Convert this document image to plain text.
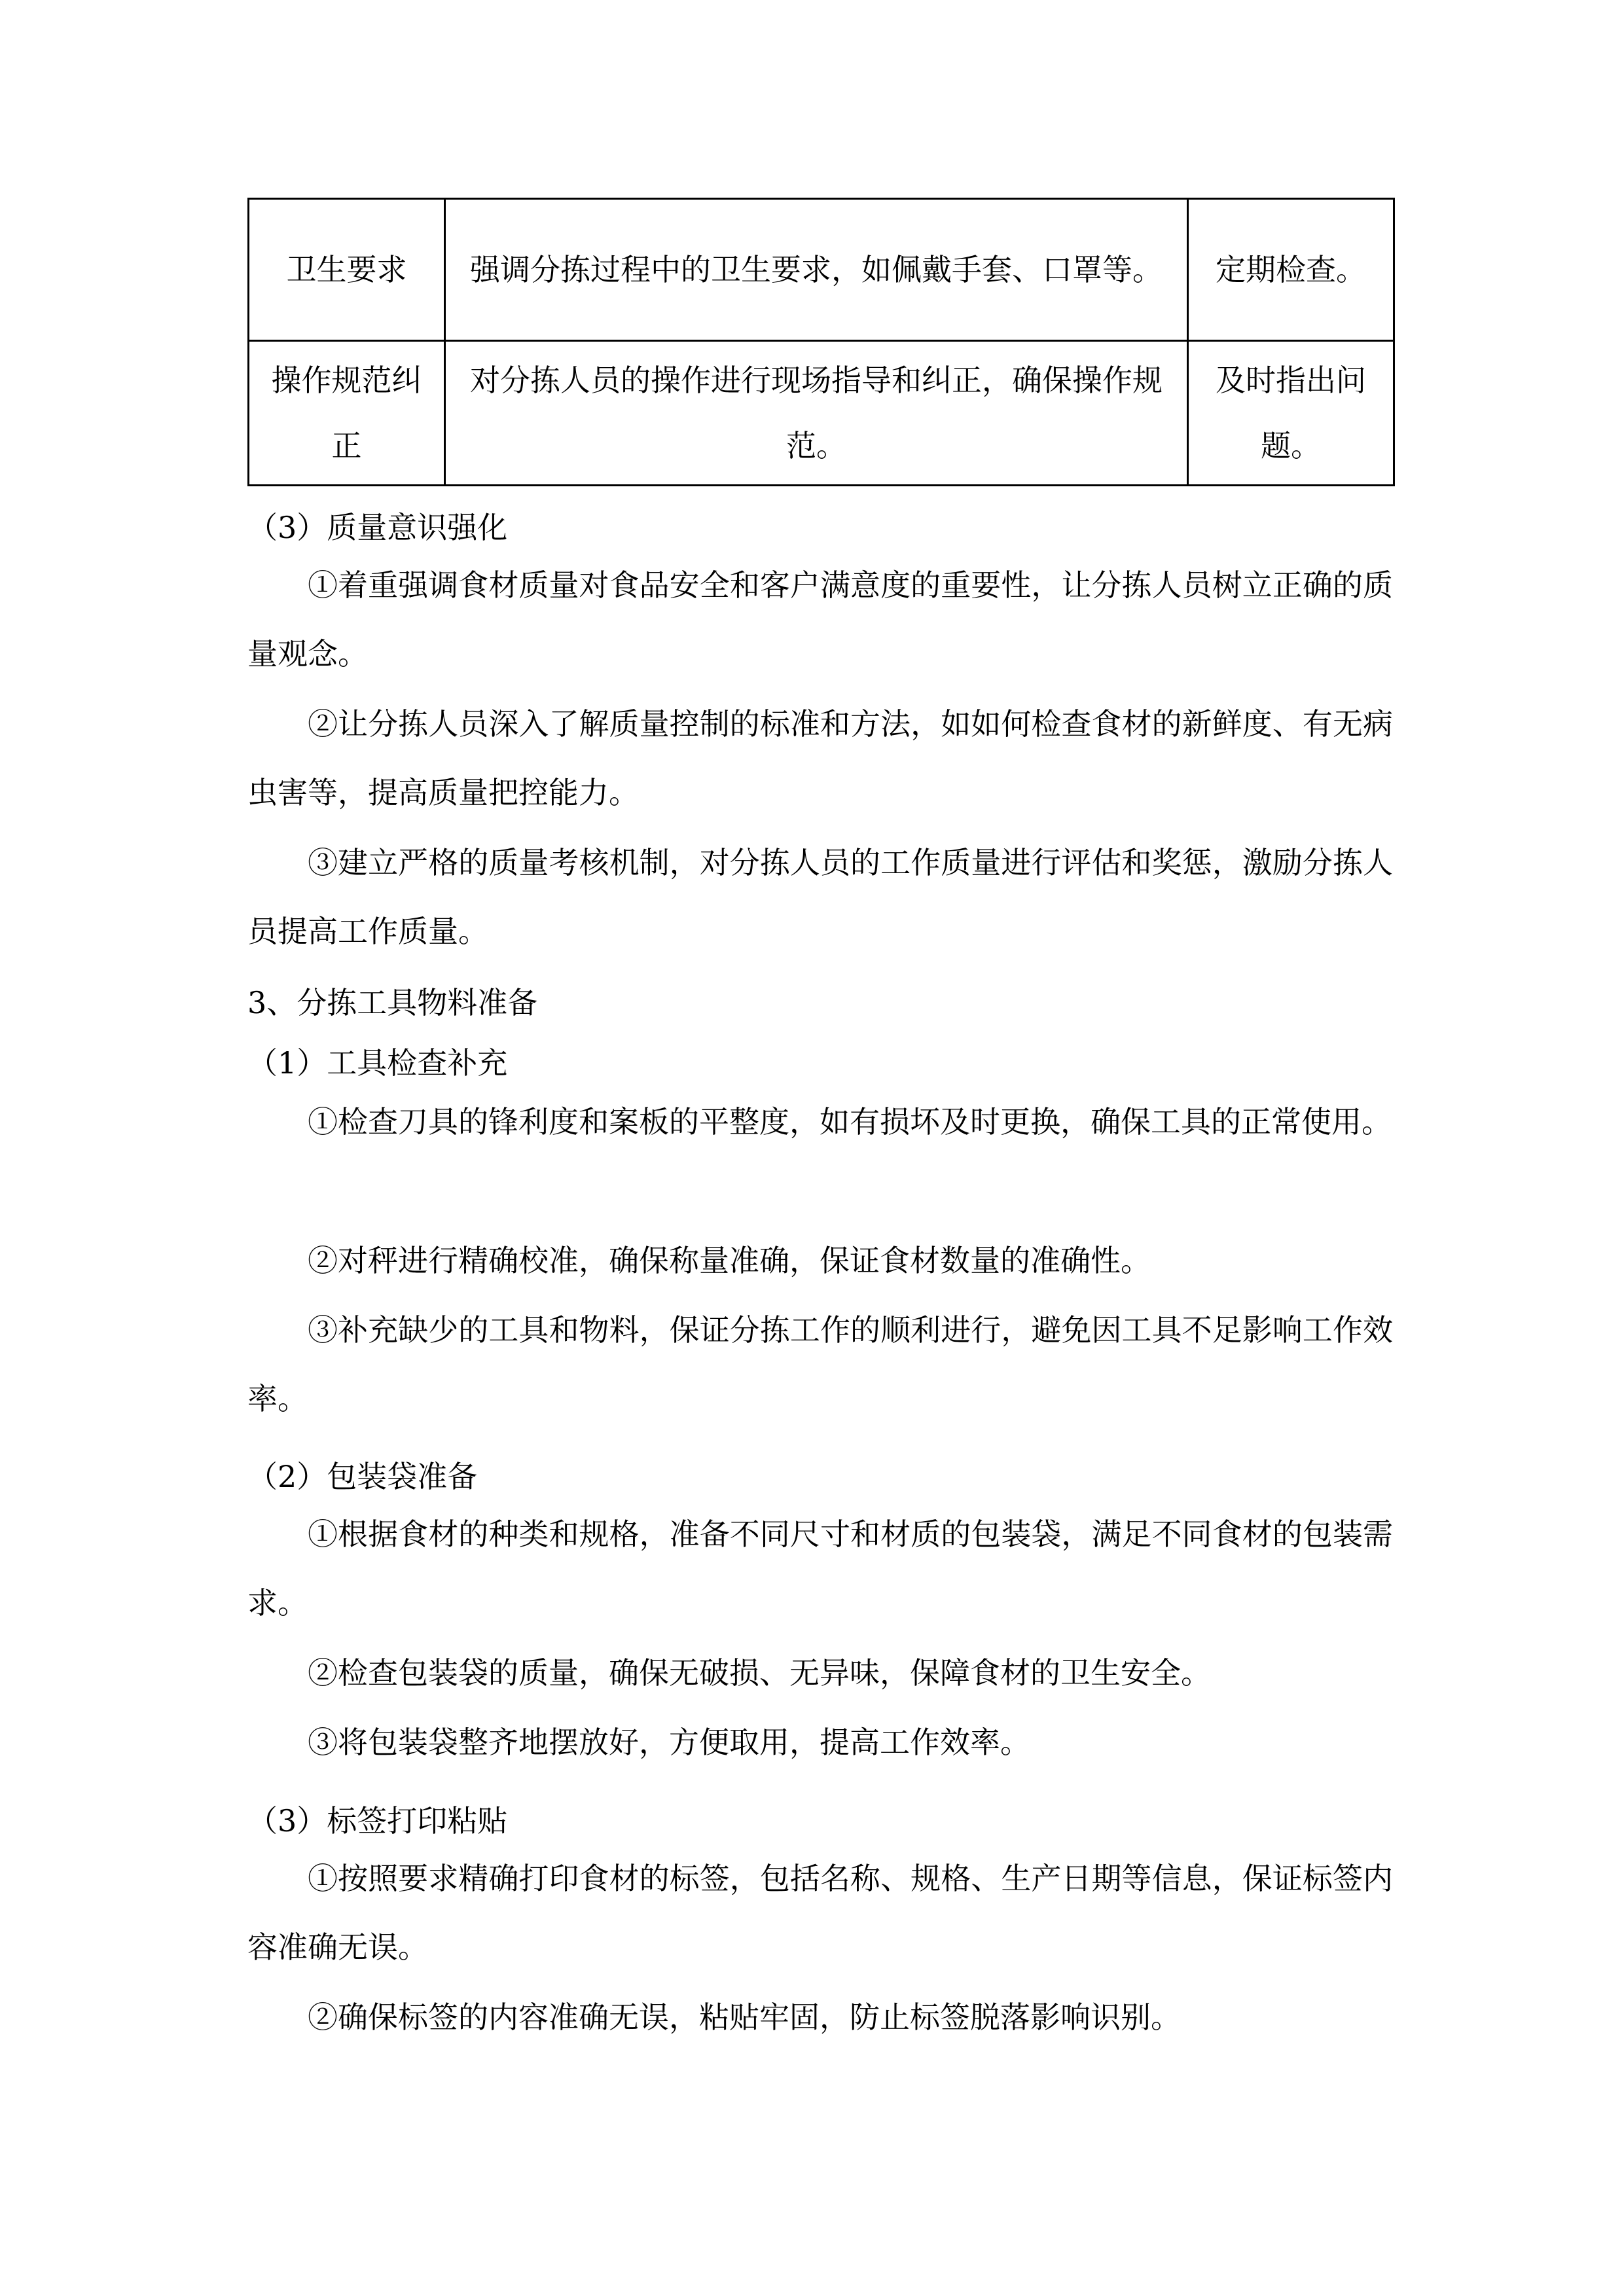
卫生要求	强调分拣过程中的卫生要求，如佩戴手套、口罩等。	定期检查。
操作规范纠正	对分拣人员的操作进行现场指导和纠正，确保操作规范。	及时指出问题。
（3）质量意识强化
①着重强调食材质量对食品安全和客户满意度的重要性，让分拣人员树立正确的质量观念。
②让分拣人员深入了解质量控制的标准和方法，如如何检查食材的新鲜度、有无病虫害等，提高质量把控能力。
③建立严格的质量考核机制，对分拣人员的工作质量进行评估和奖惩，激励分拣人员提高工作质量。
3、分拣工具物料准备
（1）工具检查补充
①检查刀具的锋利度和案板的平整度，如有损坏及时更换，确保工具的正常使用。
②对秤进行精确校准，确保称量准确，保证食材数量的准确性。
③补充缺少的工具和物料，保证分拣工作的顺利进行，避免因工具不足影响工作效率。
（2）包装袋准备
①根据食材的种类和规格，准备不同尺寸和材质的包装袋，满足不同食材的包装需求。
②检查包装袋的质量，确保无破损、无异味，保障食材的卫生安全。
③将包装袋整齐地摆放好，方便取用，提高工作效率。
（3）标签打印粘贴
①按照要求精确打印食材的标签，包括名称、规格、生产日期等信息，保证标签内容准确无误。
②确保标签的内容准确无误，粘贴牢固，防止标签脱落影响识别。
